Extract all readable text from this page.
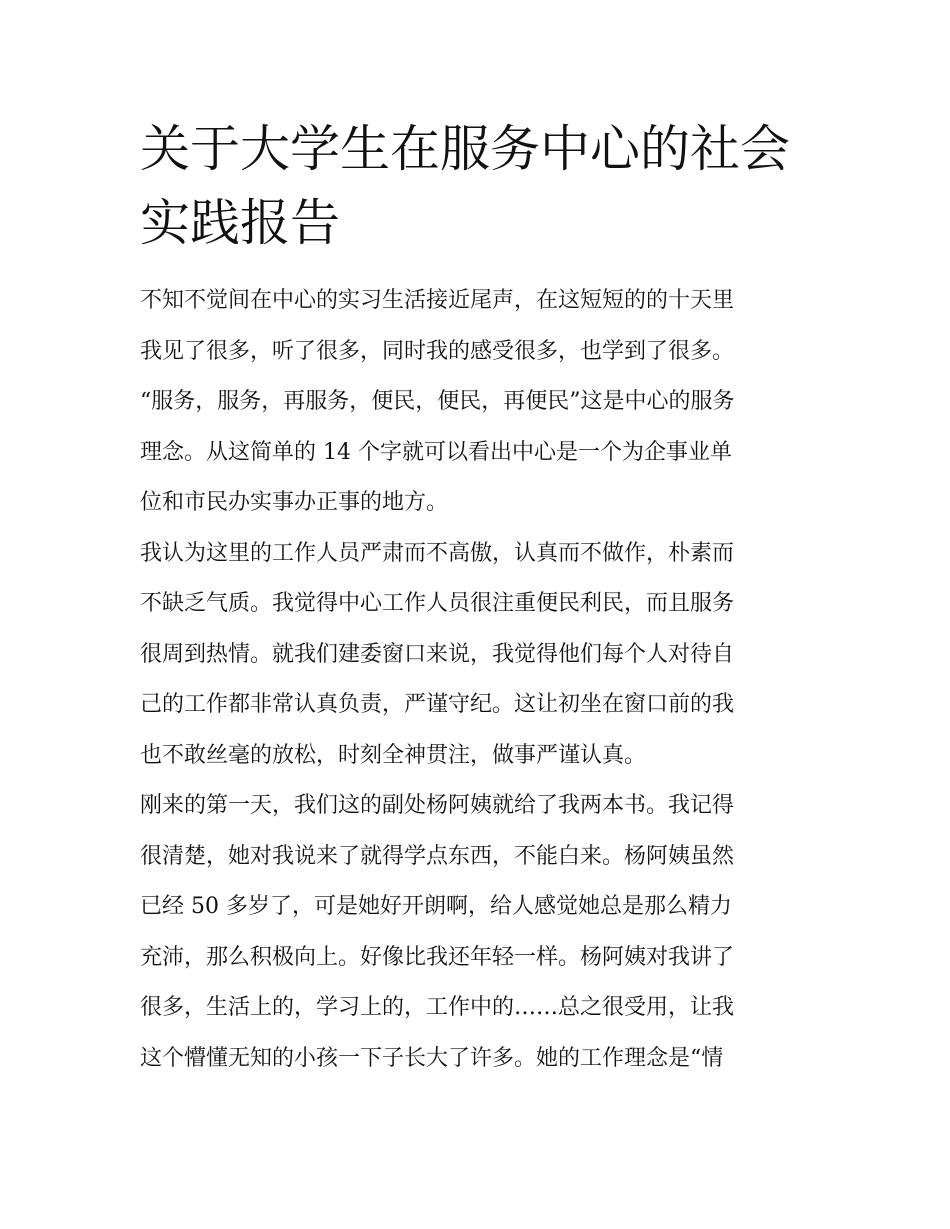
关于大学生在服务中心的社会
实践报告
不知不觉间在中心的实习生活接近尾声，在这短短的的十天里
我见了很多，听了很多，同时我的感受很多，也学到了很多。
“服务，服务，再服务，便民，便民，再便民”这是中心的服务
理念。从这简单的 14 个字就可以看出中心是一个为企事业单
位和市民办实事办正事的地方。
我认为这里的工作人员严肃而不高傲，认真而不做作，朴素而
不缺乏气质。我觉得中心工作人员很注重便民利民，而且服务
很周到热情。就我们建委窗口来说，我觉得他们每个人对待自
己的工作都非常认真负责，严谨守纪。这让初坐在窗口前的我
也不敢丝毫的放松，时刻全神贯注，做事严谨认真。
刚来的第一天，我们这的副处杨阿姨就给了我两本书。我记得
很清楚，她对我说来了就得学点东西，不能白来。杨阿姨虽然
已经 50 多岁了，可是她好开朗啊，给人感觉她总是那么精力
充沛，那么积极向上。好像比我还年轻一样。杨阿姨对我讲了
很多，生活上的，学习上的，工作中的……总之很受用，让我
这个懵懂无知的小孩一下子长大了许多。她的工作理念是“情
